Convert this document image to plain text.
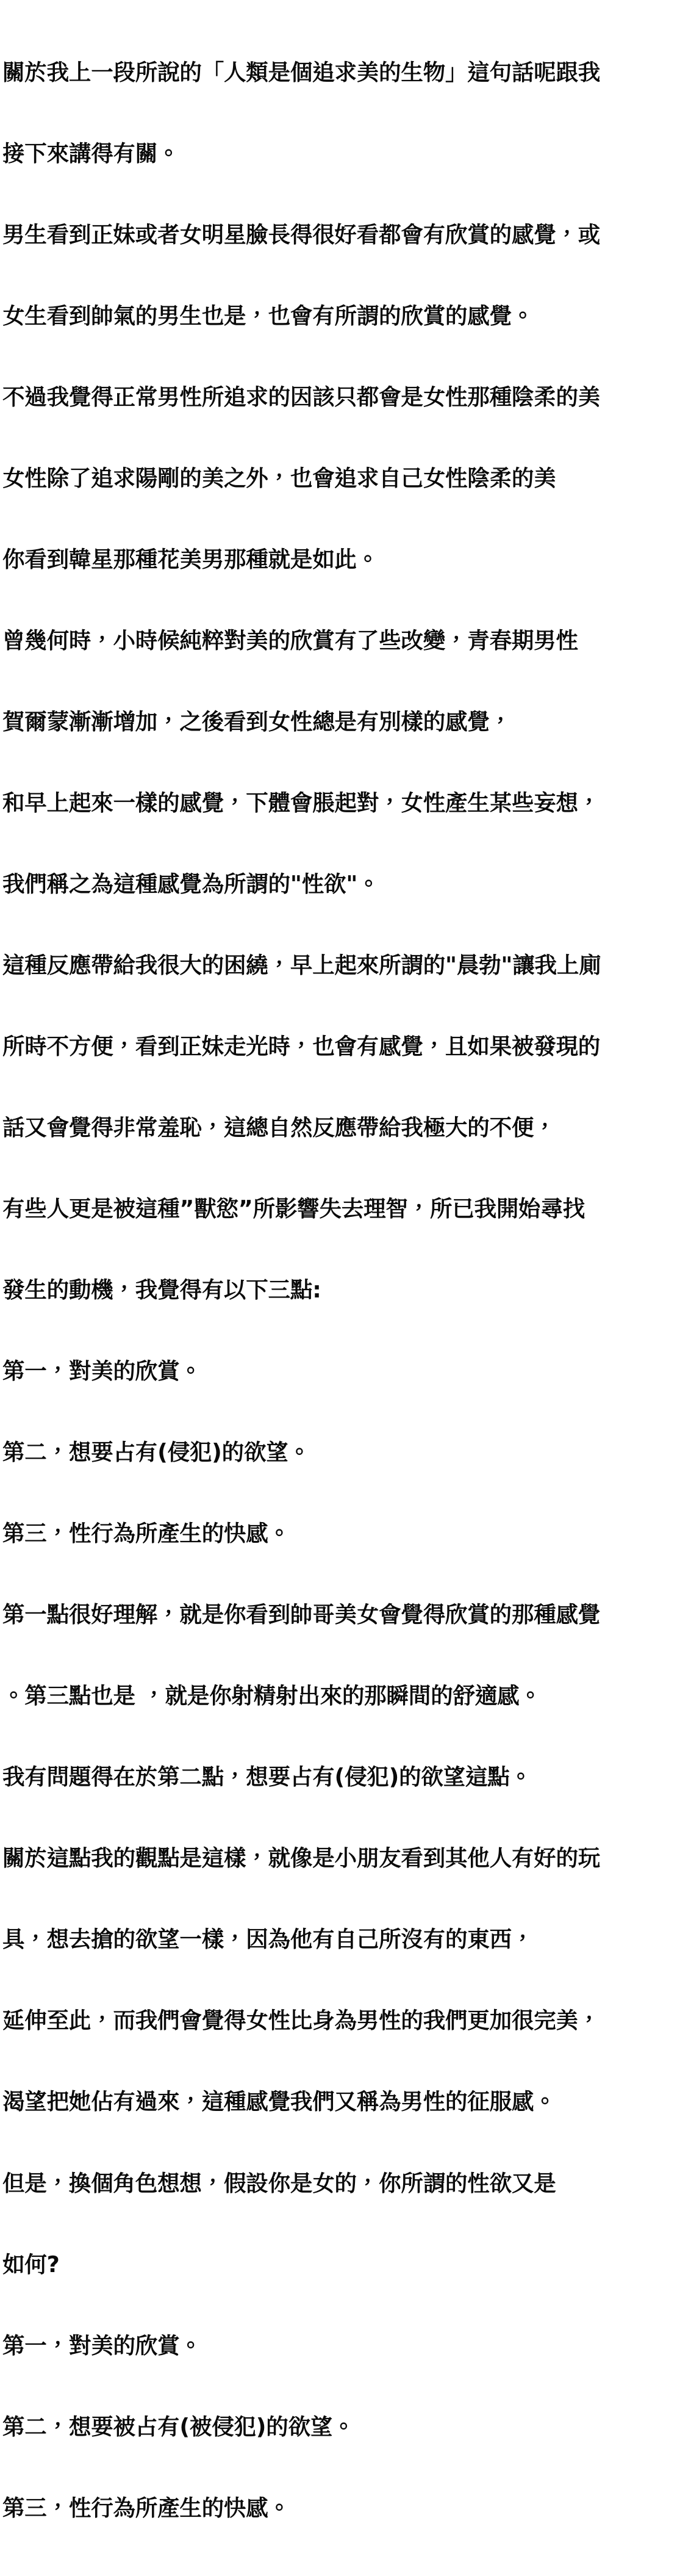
關於我上一段所說的「人類是個追求美的生物」這句話呢跟我

接下來講得有關。

男生看到正妹或者女明星臉長得很好看都會有欣賞的感覺，或

女生看到帥氣的男生也是，也會有所謂的欣賞的感覺。

不過我覺得正常男性所追求的因該只都會是女性那種陰柔的美

女性除了追求陽剛的美之外，也會追求自己女性陰柔的美

你看到韓星那種花美男那種就是如此。

曾幾何時，小時候純粹對美的欣賞有了些改變，青春期男性

賀爾蒙漸漸增加，之後看到女性總是有別樣的感覺，

和早上起來一樣的感覺，下體會脹起對，女性產生某些妄想，

我們稱之為這種感覺為所謂的"性欲"。

這種反應帶給我很大的困繞，早上起來所謂的"晨勃"讓我上廁

所時不方便，看到正妹走光時，也會有感覺，且如果被發現的

話又會覺得非常羞恥，這總自然反應帶給我極大的不便，

有些人更是被這種”獸慾”所影響失去理智，所已我開始尋找

發生的動機，我覺得有以下三點:

第一，對美的欣賞。

第二，想要占有(侵犯)的欲望。

第三，性行為所產生的快感。

第一點很好理解，就是你看到帥哥美女會覺得欣賞的那種感覺

。第三點也是 ，就是你射精射出來的那瞬間的舒適感。

我有問題得在於第二點，想要占有(侵犯)的欲望這點。

關於這點我的觀點是這樣，就像是小朋友看到其他人有好的玩

具，想去搶的欲望一樣，因為他有自己所沒有的東西，

延伸至此，而我們會覺得女性比身為男性的我們更加很完美，

渴望把她佔有過來，這種感覺我們又稱為男性的征服感。

但是，換個角色想想，假設你是女的，你所謂的性欲又是

如何?

第一，對美的欣賞。

第二，想要被占有(被侵犯)的欲望。

第三，性行為所產生的快感。
